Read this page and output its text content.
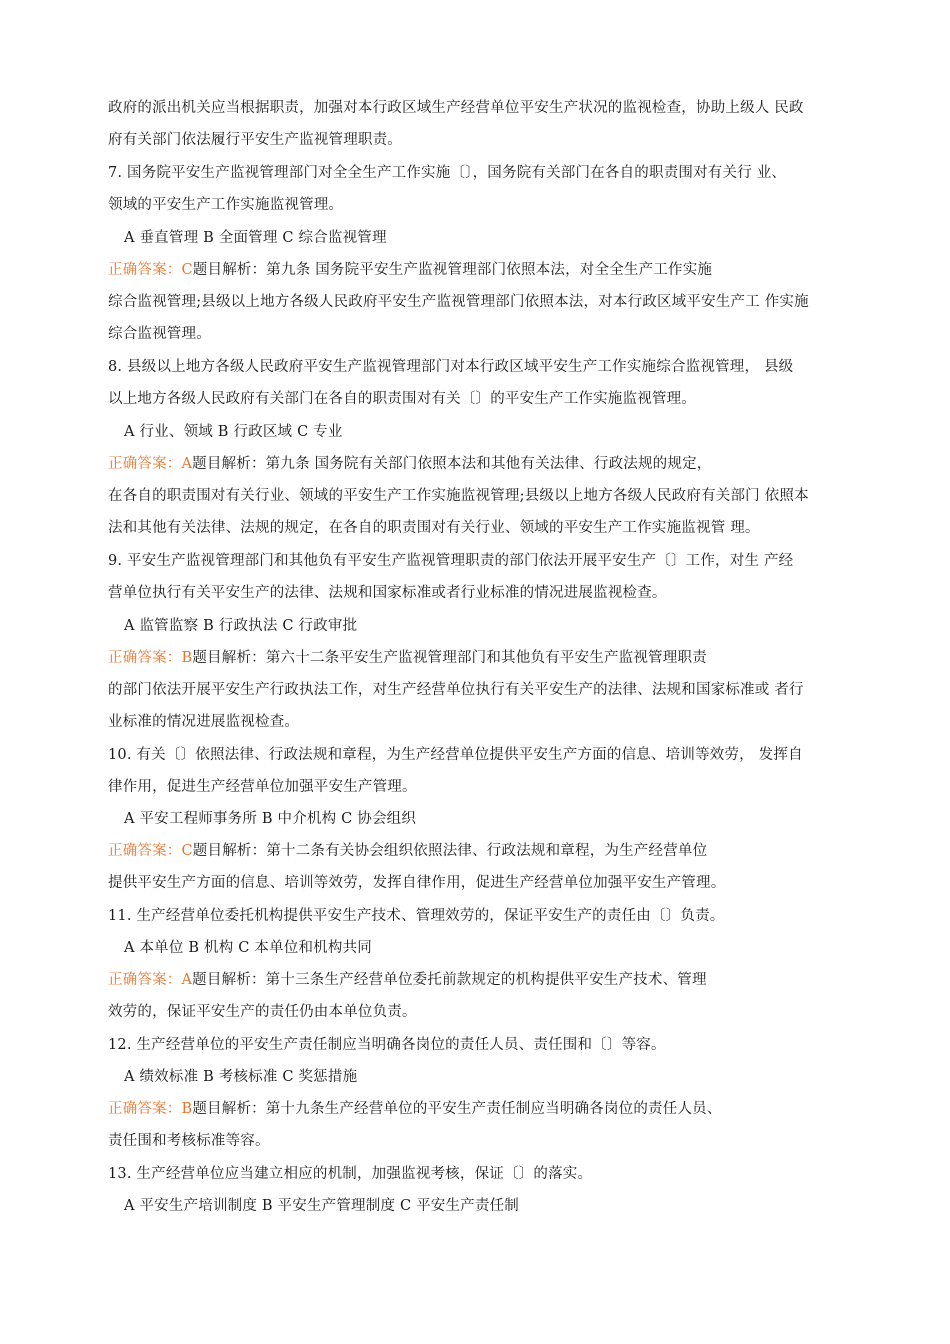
政府的派出机关应当根据职责，加强对本行政区域生产经营单位平安生产状况的监视检查，协助上级人 民政
府有关部门依法履行平安生产监视管理职责。
7. 国务院平安生产监视管理部门对全全生产工作实施〔〕，国务院有关部门在各自的职责围对有关行 业、
领域的平安生产工作实施监视管理。
A 垂直管理 B 全面管理 C 综合监视管理
正确答案：C题目解析：第九条 国务院平安生产监视管理部门依照本法，对全全生产工作实施
综合监视管理;县级以上地方各级人民政府平安生产监视管理部门依照本法，对本行政区域平安生产工 作实施
综合监视管理。
8. 县级以上地方各级人民政府平安生产监视管理部门对本行政区域平安生产工作实施综合监视管理， 县级
以上地方各级人民政府有关部门在各自的职责围对有关〔〕的平安生产工作实施监视管理。
A 行业、领域 B 行政区域 C 专业
正确答案：A题目解析：第九条 国务院有关部门依照本法和其他有关法律、行政法规的规定，
在各自的职责围对有关行业、领域的平安生产工作实施监视管理;县级以上地方各级人民政府有关部门 依照本
法和其他有关法律、法规的规定，在各自的职责围对有关行业、领域的平安生产工作实施监视管 理。
9. 平安生产监视管理部门和其他负有平安生产监视管理职责的部门依法开展平安生产〔〕工作，对生 产经
营单位执行有关平安生产的法律、法规和国家标准或者行业标准的情况进展监视检查。
A 监管监察 B 行政执法 C 行政审批
正确答案：B题目解析：第六十二条平安生产监视管理部门和其他负有平安生产监视管理职责
的部门依法开展平安生产行政执法工作，对生产经营单位执行有关平安生产的法律、法规和国家标准或 者行
业标准的情况进展监视检查。
10. 有关〔〕依照法律、行政法规和章程，为生产经营单位提供平安生产方面的信息、培训等效劳， 发挥自
律作用，促进生产经营单位加强平安生产管理。
A 平安工程师事务所 B 中介机构 C 协会组织
正确答案：C题目解析：第十二条有关协会组织依照法律、行政法规和章程，为生产经营单位
提供平安生产方面的信息、培训等效劳，发挥自律作用，促进生产经营单位加强平安生产管理。
11. 生产经营单位委托机构提供平安生产技术、管理效劳的，保证平安生产的责任由〔〕负责。
A 本单位 B 机构 C 本单位和机构共同
正确答案：A题目解析：第十三条生产经营单位委托前款规定的机构提供平安生产技术、管理
效劳的，保证平安生产的责任仍由本单位负责。
12. 生产经营单位的平安生产责任制应当明确各岗位的责任人员、责任围和〔〕等容。
A 绩效标准 B 考核标准 C 奖惩措施
正确答案：B题目解析：第十九条生产经营单位的平安生产责任制应当明确各岗位的责任人员、
责任围和考核标准等容。
13. 生产经营单位应当建立相应的机制，加强监视考核，保证〔〕的落实。
A 平安生产培训制度 B 平安生产管理制度 C 平安生产责任制
